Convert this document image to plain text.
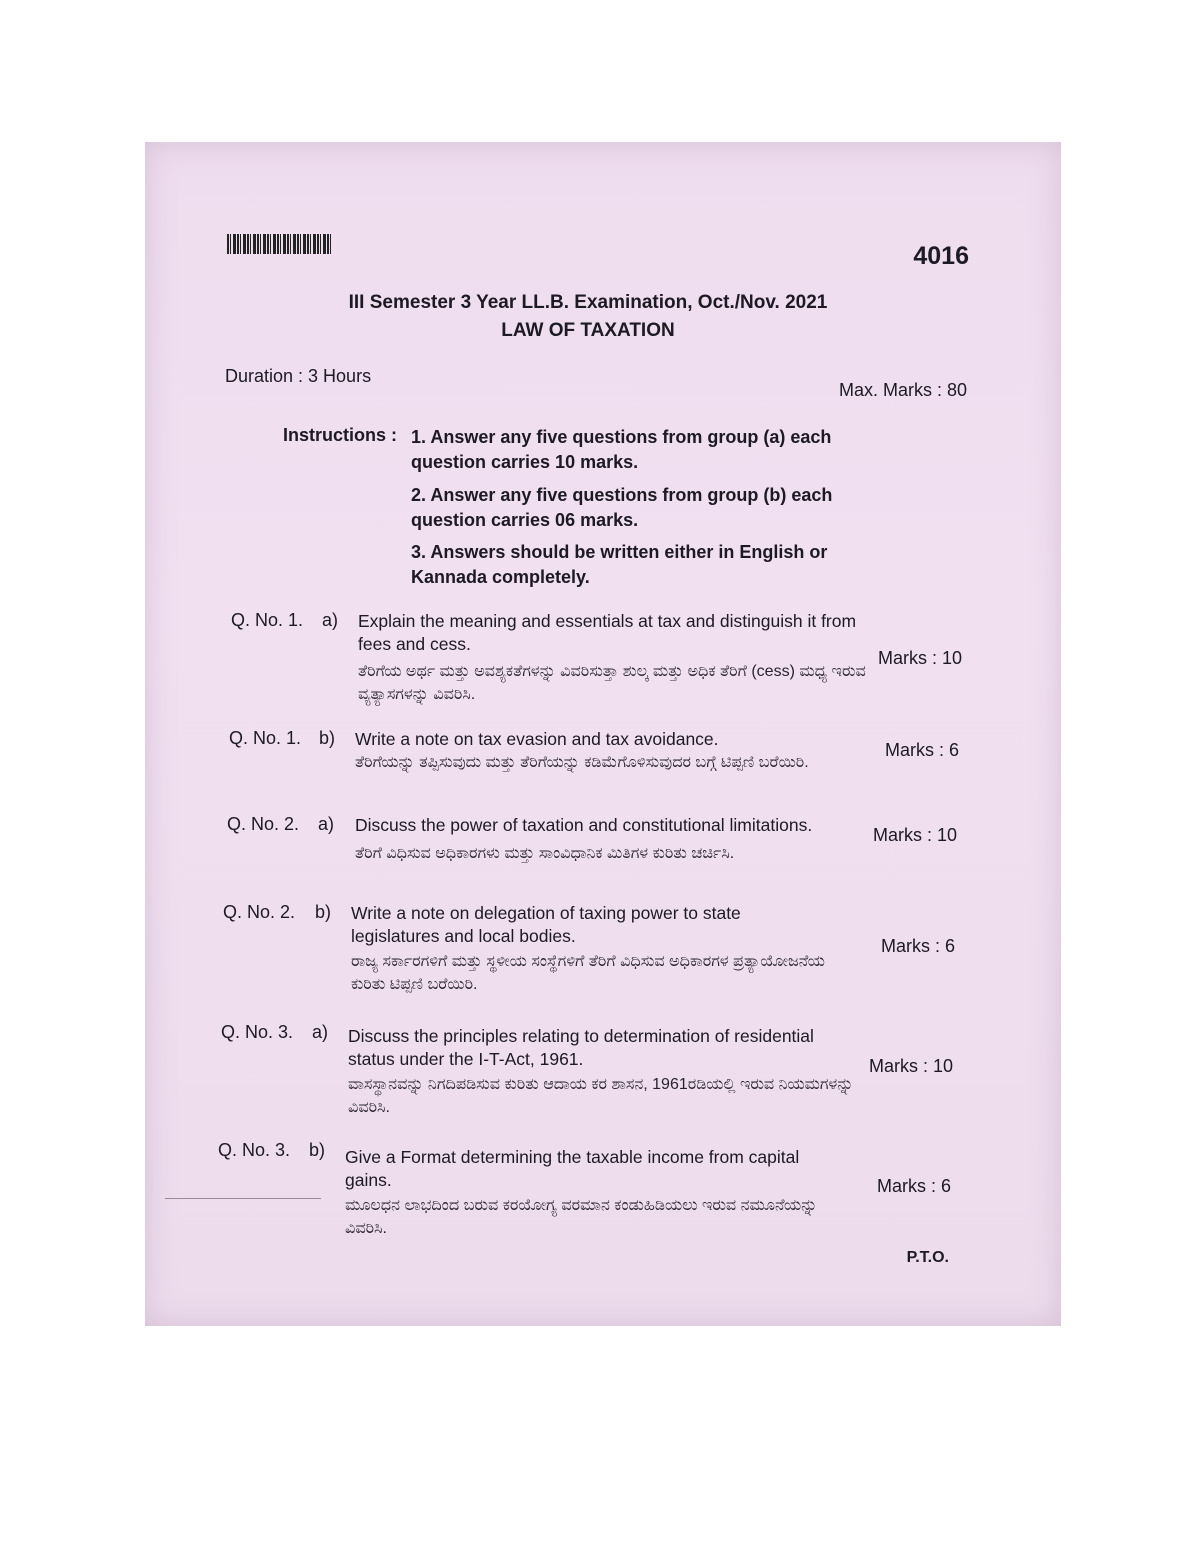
4016
III Semester 3 Year LL.B. Examination, Oct./Nov. 2021
LAW OF TAXATION
Duration : 3 Hours
Max. Marks : 80
Instructions : 1. Answer any five questions from group (a) each question carries 10 marks.
2. Answer any five questions from group (b) each question carries 06 marks.
3. Answers should be written either in English or Kannada completely.
Q. No. 1. a) Explain the meaning and essentials at tax and distinguish it from fees and cess.
ತೆರಿಗೆಯ ಅರ್ಥ ಮತ್ತು ಅವಶ್ಯಕತೆಗಳನ್ನು ವಿವರಿಸುತ್ತಾ ಶುಲ್ಕ ಮತ್ತು ಅಧಿಕ ತೆರಿಗೆ (cess) ಮಧ್ಯ ಇರುವ ವ್ಯತ್ಯಾಸಗಳನ್ನು ವಿವರಿಸಿ.
Marks : 10
Q. No. 1. b) Write a note on tax evasion and tax avoidance.
ತೆರಿಗೆಯನ್ನು ತಪ್ಪಿಸುವುದು ಮತ್ತು ತೆರಿಗೆಯನ್ನು ಕಡಿಮೆಗೊಳಿಸುವುದರ ಬಗ್ಗೆ ಟಿಪ್ಪಣಿ ಬರೆಯಿರಿ.
Marks : 6
Q. No. 2. a) Discuss the power of taxation and constitutional limitations.
ತೆರಿಗೆ ವಿಧಿಸುವ ಅಧಿಕಾರಗಳು ಮತ್ತು ಸಾಂವಿಧಾನಿಕ ಮಿತಿಗಳ ಕುರಿತು ಚರ್ಚಿಸಿ.
Marks : 10
Q. No. 2. b) Write a note on delegation of taxing power to state legislatures and local bodies.
ರಾಜ್ಯ ಸರ್ಕಾರಗಳಿಗೆ ಮತ್ತು ಸ್ಥಳೀಯ ಸಂಸ್ಥೆಗಳಿಗೆ ತೆರಿಗೆ ವಿಧಿಸುವ ಅಧಿಕಾರಗಳ ಪ್ರತ್ಯಾಯೋಜನೆಯ ಕುರಿತು ಟಿಪ್ಪಣಿ ಬರೆಯಿರಿ.
Marks : 6
Q. No. 3. a) Discuss the principles relating to determination of residential status under the I-T-Act, 1961.
ವಾಸಸ್ಥಾನವನ್ನು ನಿಗದಿಪಡಿಸುವ ಕುರಿತು ಆದಾಯ ಕರ ಶಾಸನ, 1961ರಡಿಯಲ್ಲಿ ಇರುವ ನಿಯಮಗಳನ್ನು ವಿವರಿಸಿ.
Marks : 10
Q. No. 3. b) Give a Format determining the taxable income from capital gains.
ಮೂಲಧನ ಲಾಭದಿಂದ ಬರುವ ಕರಯೋಗ್ಯ ವರಮಾನ ಕಂಡುಹಿಡಿಯಲು ಇರುವ ನಮೂನೆಯನ್ನು ವಿವರಿಸಿ.
Marks : 6
P.T.O.
